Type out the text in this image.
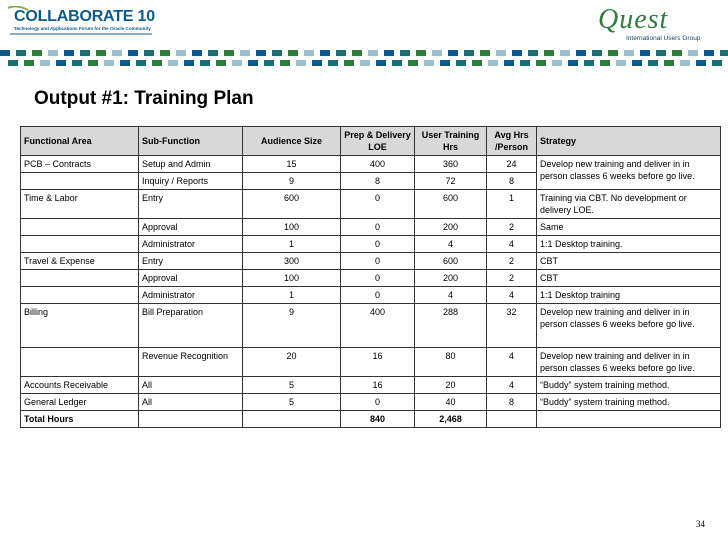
COLLABORATE 10
Technology and Applications Forum for the Oracle Community	Quest
International Users Group
Output #1: Training Plan
Functional Area	Sub-Function	Audience Size	Prep & Delivery LOE	User Training Hrs	Avg Hrs /Person	Strategy
PCB – Contracts	Setup and Admin	15	400	360	24	Develop new training and deliver in in person classes 6 weeks before go live.
	Inquiry / Reports	9	8	72	8	
Time & Labor	Entry	600	0	600	1	Training via CBT. No development or delivery LOE.
	Approval	100	0	200	2	Same
	Administrator	1	0	4	4	1:1 Desktop training.
Travel & Expense	Entry	300	0	600	2	CBT
	Approval	100	0	200	2	CBT
	Administrator	1	0	4	4	1:1 Desktop training
Billing	Bill Preparation	9	400	288	32	Develop new training and deliver in in person classes 6 weeks before go live.
	Revenue Recognition	20	16	80	4	Develop new training and deliver in in person classes 6 weeks before go live.
Accounts Receivable	All	5	16	20	4	“Buddy” system training method.
General Ledger	All	5	0	40	8	“Buddy” system training method.
Total Hours			840	2,468		
34
